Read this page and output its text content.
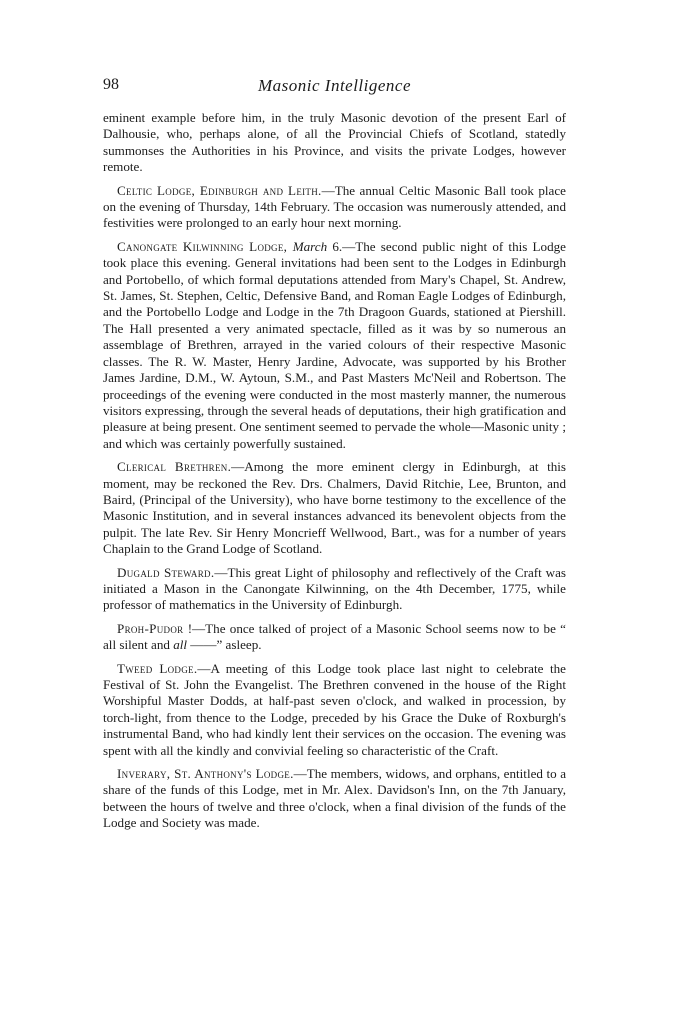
98	Masonic Intelligence

eminent example before him, in the truly Masonic devotion of the present Earl of Dalhousie, who, perhaps alone, of all the Provincial Chiefs of Scotland, statedly summonses the Authorities in his Province, and visits the private Lodges, however remote.

Celtic Lodge, Edinburgh and Leith.—The annual Celtic Masonic Ball took place on the evening of Thursday, 14th February. The occasion was numerously attended, and festivities were prolonged to an early hour next morning.

Canongate Kilwinning Lodge, March 6.—The second public night of this Lodge took place this evening. General invitations had been sent to the Lodges in Edinburgh and Portobello, of which formal deputations attended from Mary's Chapel, St. Andrew, St. James, St. Stephen, Celtic, Defensive Band, and Roman Eagle Lodges of Edinburgh, and the Portobello Lodge and Lodge in the 7th Dragoon Guards, stationed at Piershill. The Hall presented a very animated spectacle, filled as it was by so numerous an assemblage of Brethren, arrayed in the varied colours of their respective Masonic classes. The R. W. Master, Henry Jardine, Advocate, was supported by his Brother James Jardine, D.M., W. Aytoun, S.M., and Past Masters Mc'Neil and Robertson. The proceedings of the evening were conducted in the most masterly manner, the numerous visitors expressing, through the several heads of deputations, their high gratification and pleasure at being present. One sentiment seemed to pervade the whole—Masonic unity ; and which was certainly powerfully sustained.

Clerical Brethren.—Among the more eminent clergy in Edinburgh, at this moment, may be reckoned the Rev. Drs. Chalmers, David Ritchie, Lee, Brunton, and Baird, (Principal of the University), who have borne testimony to the excellence of the Masonic Institution, and in several instances advanced its benevolent objects from the pulpit. The late Rev. Sir Henry Moncrieff Wellwood, Bart., was for a number of years Chaplain to the Grand Lodge of Scotland.

Dugald Steward.—This great Light of philosophy and reflectively of the Craft was initiated a Mason in the Canongate Kilwinning, on the 4th December, 1775, while professor of mathematics in the University of Edinburgh.

Proh-Pudor !—The once talked of project of a Masonic School seems now to be “ all silent and all ——” asleep.

Tweed Lodge.—A meeting of this Lodge took place last night to celebrate the Festival of St. John the Evangelist. The Brethren convened in the house of the Right Worshipful Master Dodds, at half-past seven o'clock, and walked in procession, by torch-light, from thence to the Lodge, preceded by his Grace the Duke of Roxburgh's instrumental Band, who had kindly lent their services on the occasion. The evening was spent with all the kindly and convivial feeling so characteristic of the Craft.

Inverary, St. Anthony's Lodge.—The members, widows, and orphans, entitled to a share of the funds of this Lodge, met in Mr. Alex. Davidson's Inn, on the 7th January, between the hours of twelve and three o'clock, when a final division of the funds of the Lodge and Society was made.
